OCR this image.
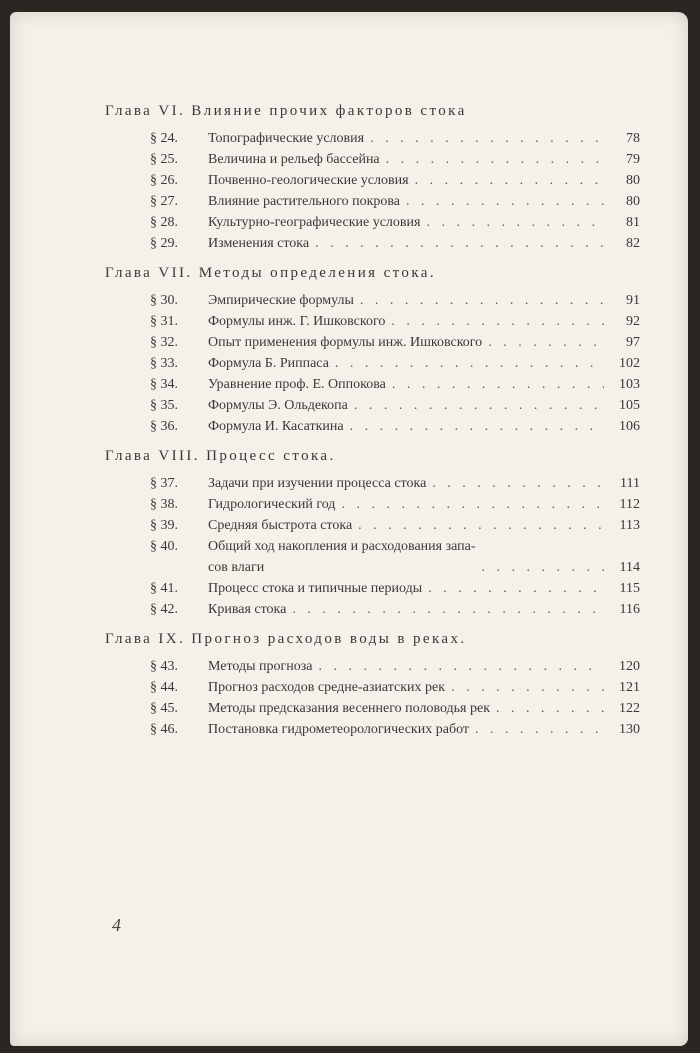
Глава VI. Влияние прочих факторов стока
§ 24.	Топографические условия . . .	78
§ 25.	Величина и рельеф бассейна . . .	79
§ 26.	Почвенно-геологические условия . . .	80
§ 27.	Влияние растительного покрова . . .	80
§ 28.	Культурно-географические условия . . .	81
§ 29.	Изменения стока . . .	82
Глава VII. Методы определения стока.
§ 30.	Эмпирические формулы . . .	91
§ 31.	Формулы инж. Г. Ишковского . . .	92
§ 32.	Опыт применения формулы инж. Ишковского . . .	97
§ 33.	Формула Б. Риппаса . . .	102
§ 34.	Уравнение проф. Е. Оппокова . . .	103
§ 35.	Формулы Э. Ольдекопа . . .	105
§ 36.	Формула И. Касаткина . . .	106
Глава VIII. Процесс стока.
§ 37.	Задачи при изучении процесса стока . . .	111
§ 38.	Гидрологический год . . .	112
§ 39.	Средняя быстрота стока . . .	113
§ 40.	Общий ход накопления и расходования запа-
сов влаги . . .	114
§ 41.	Процесс стока и типичные периоды . . .	115
§ 42.	Кривая стока . . .	116
Глава IX. Прогноз расходов воды в реках.
§ 43.	Методы прогноза . . .	120
§ 44.	Прогноз расходов средне-азиатских рек . . .	121
§ 45.	Методы предсказания весеннего половодья рек . . .	122
§ 46.	Постановка гидрометеорологических работ . . .	130
4
